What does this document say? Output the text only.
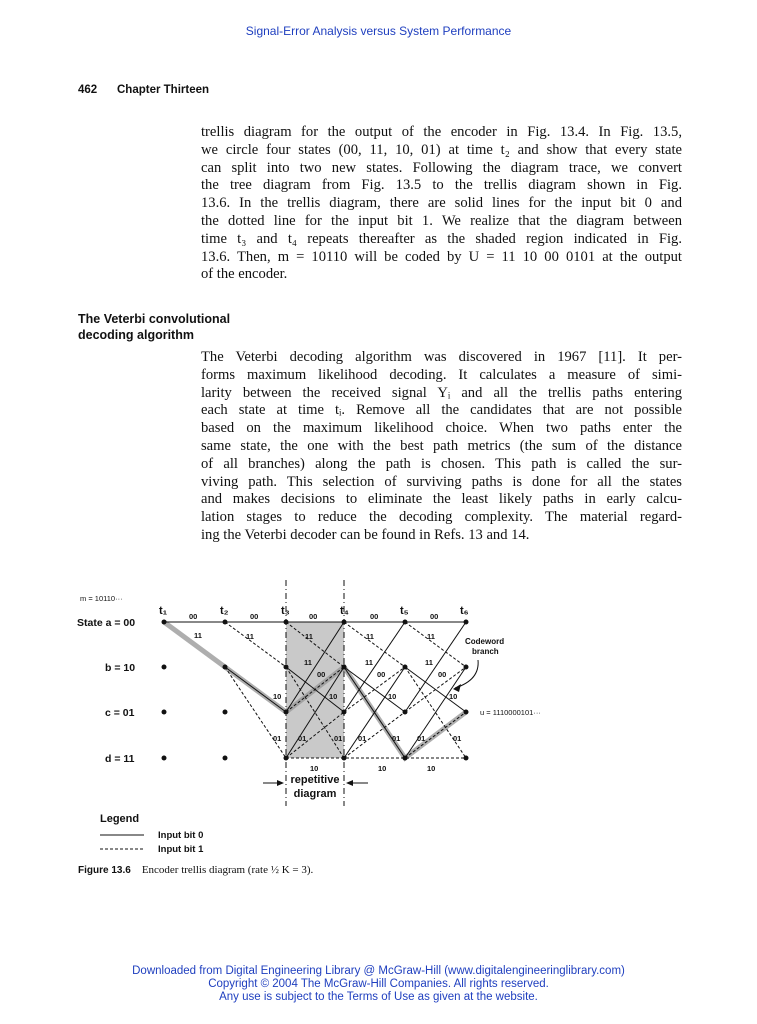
Signal-Error Analysis versus System Performance
462 Chapter Thirteen
trellis diagram for the output of the encoder in Fig. 13.4. In Fig. 13.5,
we circle four states (00, 11, 10, 01) at time t₂ and show that every state
can split into two new states. Following the diagram trace, we convert
the tree diagram from Fig. 13.5 to the trellis diagram shown in Fig.
13.6. In the trellis diagram, there are solid lines for the input bit 0 and
the dotted line for the input bit 1. We realize that the diagram between
time t₃ and t₄ repeats thereafter as the shaded region indicated in Fig.
13.6. Then, m = 10110 will be coded by U = 11 10 00 0101 at the output
of the encoder.
The Veterbi convolutional
decoding algorithm
The Veterbi decoding algorithm was discovered in 1967 [11]. It per-
forms maximum likelihood decoding. It calculates a measure of simi-
larity between the received signal Yᵢ and all the trellis paths entering
each state at time tᵢ. Remove all the candidates that are not possible
based on the maximum likelihood choice. When two paths enter the
same state, the one with the best path metrics (the sum of the distance
of all branches) along the path is chosen. This path is called the sur-
viving path. This selection of surviving paths is done for all the states
and makes decisions to eliminate the least likely paths in early calcu-
lation stages to reduce the decoding complexity. The material regard-
ing the Veterbi decoder can be found in Refs. 13 and 14.
m = 10110···
t₁	t₂	t₃	t₄	t₅	t₆
State a = 00
b = 10
c = 01
d = 11
00	00	00	00	00
11	11	11	11	11
11	11	11
00	00	00
10	10	10	10
01 01	01 01	01 01	01
10	10	10
Codeword
branch
u = 1110000101···
repetitive
diagram
Legend
Input bit 0
Input bit 1
Figure 13.6 Encoder trellis diagram (rate ½ K = 3).
Downloaded from Digital Engineering Library @ McGraw-Hill (www.digitalengineeringlibrary.com)
Copyright © 2004 The McGraw-Hill Companies. All rights reserved.
Any use is subject to the Terms of Use as given at the website.
